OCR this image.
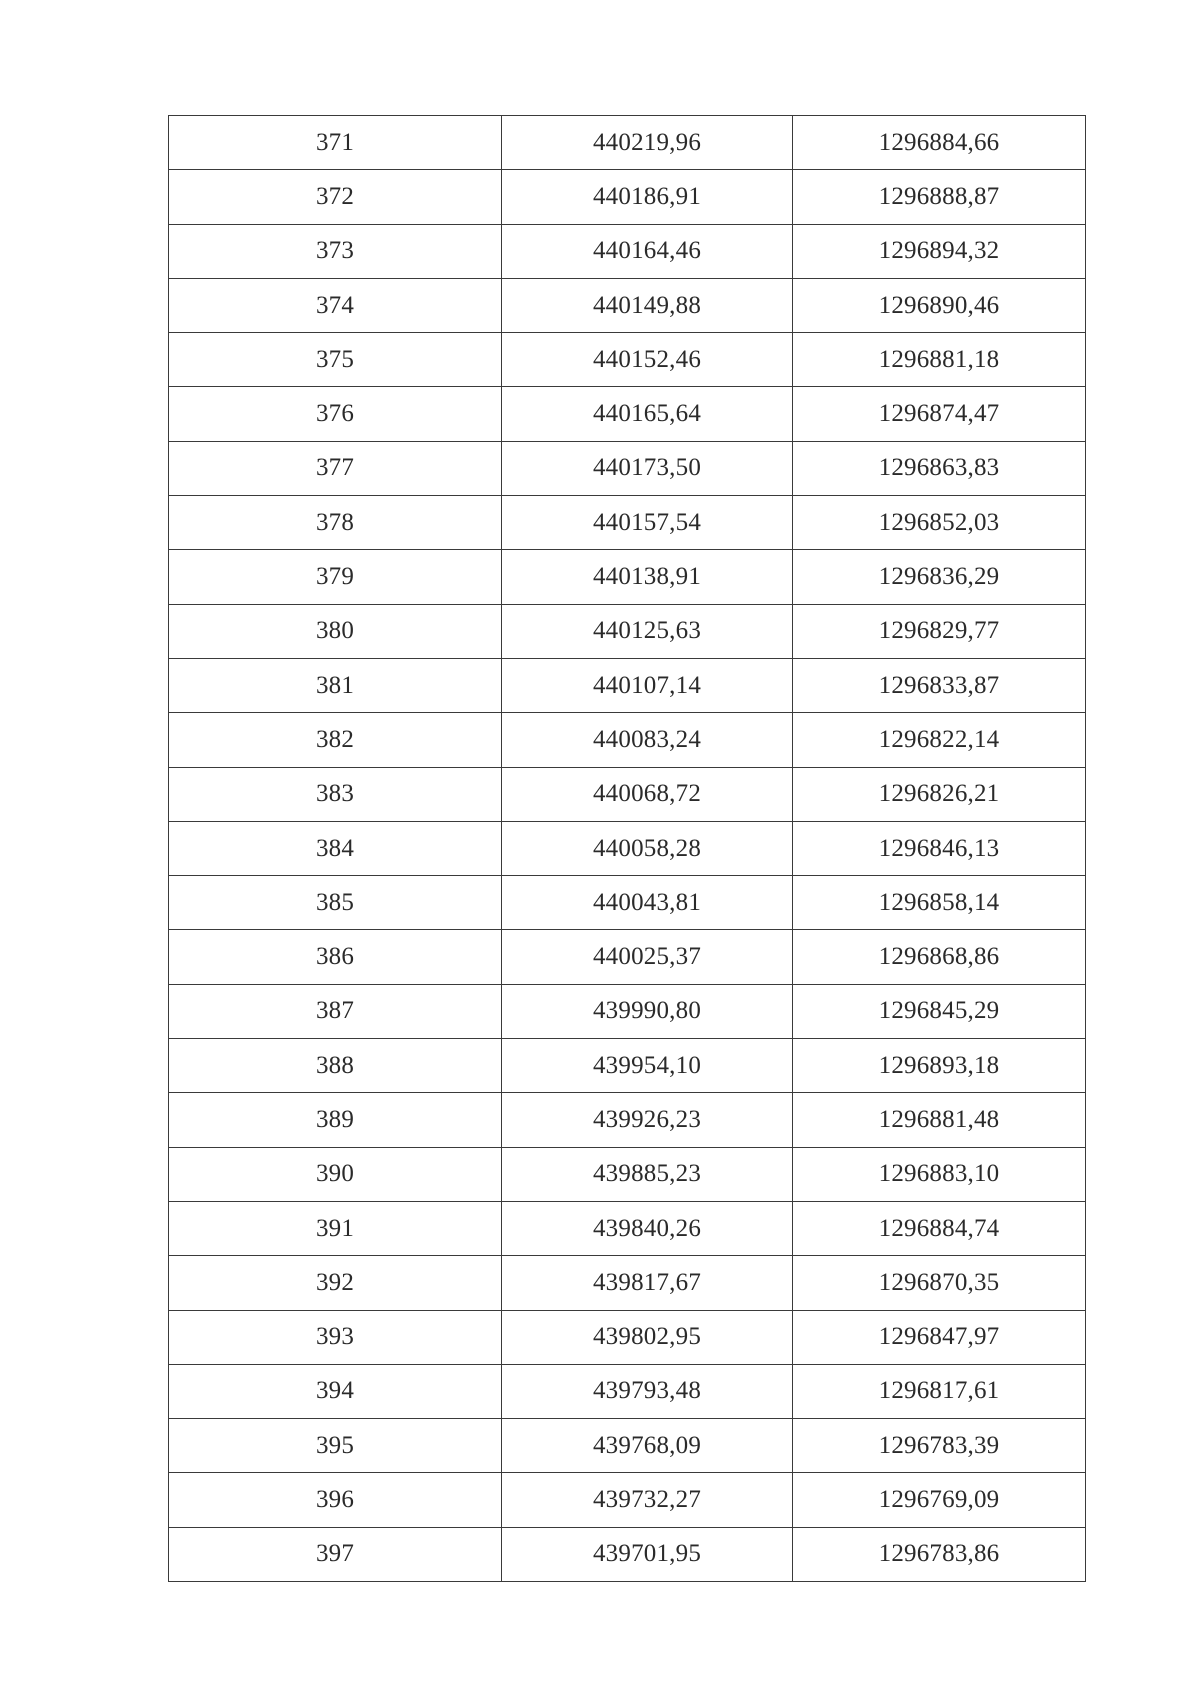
371	440219,96	1296884,66
372	440186,91	1296888,87
373	440164,46	1296894,32
374	440149,88	1296890,46
375	440152,46	1296881,18
376	440165,64	1296874,47
377	440173,50	1296863,83
378	440157,54	1296852,03
379	440138,91	1296836,29
380	440125,63	1296829,77
381	440107,14	1296833,87
382	440083,24	1296822,14
383	440068,72	1296826,21
384	440058,28	1296846,13
385	440043,81	1296858,14
386	440025,37	1296868,86
387	439990,80	1296845,29
388	439954,10	1296893,18
389	439926,23	1296881,48
390	439885,23	1296883,10
391	439840,26	1296884,74
392	439817,67	1296870,35
393	439802,95	1296847,97
394	439793,48	1296817,61
395	439768,09	1296783,39
396	439732,27	1296769,09
397	439701,95	1296783,86
